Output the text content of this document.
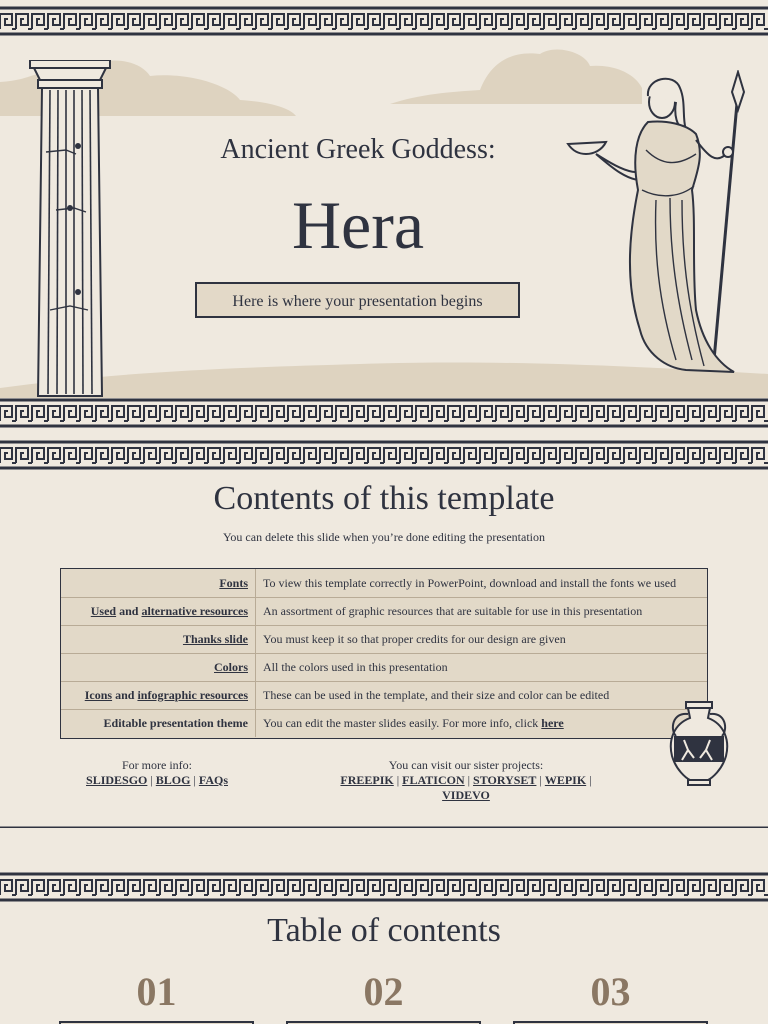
Ancient Greek Goddess:
Hera
Here is where your presentation begins
Contents of this template
You can delete this slide when you’re done editing the presentation
Fonts To view this template correctly in PowerPoint, download and install the fonts we used
Used and alternative resources An assortment of graphic resources that are suitable for use in this presentation
Thanks slide You must keep it so that proper credits for our design are given
Colors All the colors used in this presentation
Icons and infographic resources These can be used in the template, and their size and color can be edited
Editable presentation theme You can edit the master slides easily. For more info, click here
For more info:
SLIDESGO | BLOG | FAQs
You can visit our sister projects:
FREEPIK | FLATICON | STORYSET | WEPIK | VIDEVO
Table of contents
01	02	03
